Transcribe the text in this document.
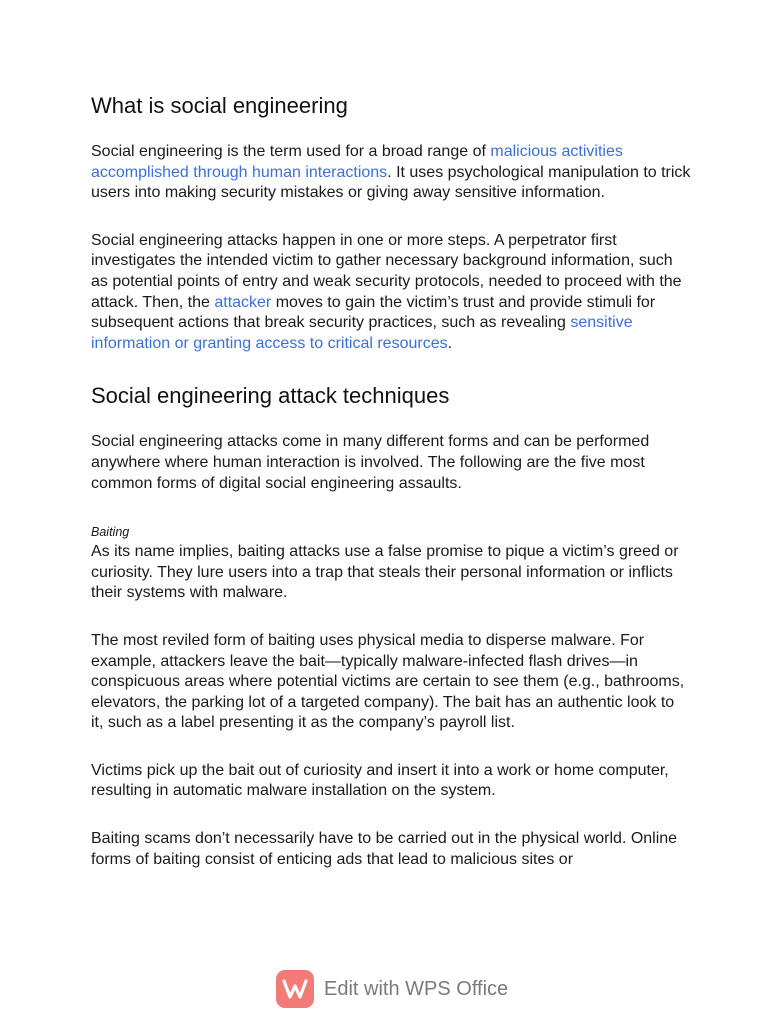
What is social engineering

Social engineering is the term used for a broad range of malicious activities accomplished through human interactions. It uses psychological manipulation to trick users into making security mistakes or giving away sensitive information.

Social engineering attacks happen in one or more steps. A perpetrator first investigates the intended victim to gather necessary background information, such as potential points of entry and weak security protocols, needed to proceed with the attack. Then, the attacker moves to gain the victim’s trust and provide stimuli for subsequent actions that break security practices, such as revealing sensitive information or granting access to critical resources.

Social engineering attack techniques

Social engineering attacks come in many different forms and can be performed anywhere where human interaction is involved. The following are the five most common forms of digital social engineering assaults.

Baiting

As its name implies, baiting attacks use a false promise to pique a victim’s greed or curiosity. They lure users into a trap that steals their personal information or inflicts their systems with malware.

The most reviled form of baiting uses physical media to disperse malware. For example, attackers leave the bait—typically malware-infected flash drives—in conspicuous areas where potential victims are certain to see them (e.g., bathrooms, elevators, the parking lot of a targeted company). The bait has an authentic look to it, such as a label presenting it as the company’s payroll list.

Victims pick up the bait out of curiosity and insert it into a work or home computer, resulting in automatic malware installation on the system.

Baiting scams don’t necessarily have to be carried out in the physical world. Online forms of baiting consist of enticing ads that lead to malicious sites or

Edit with WPS Office
